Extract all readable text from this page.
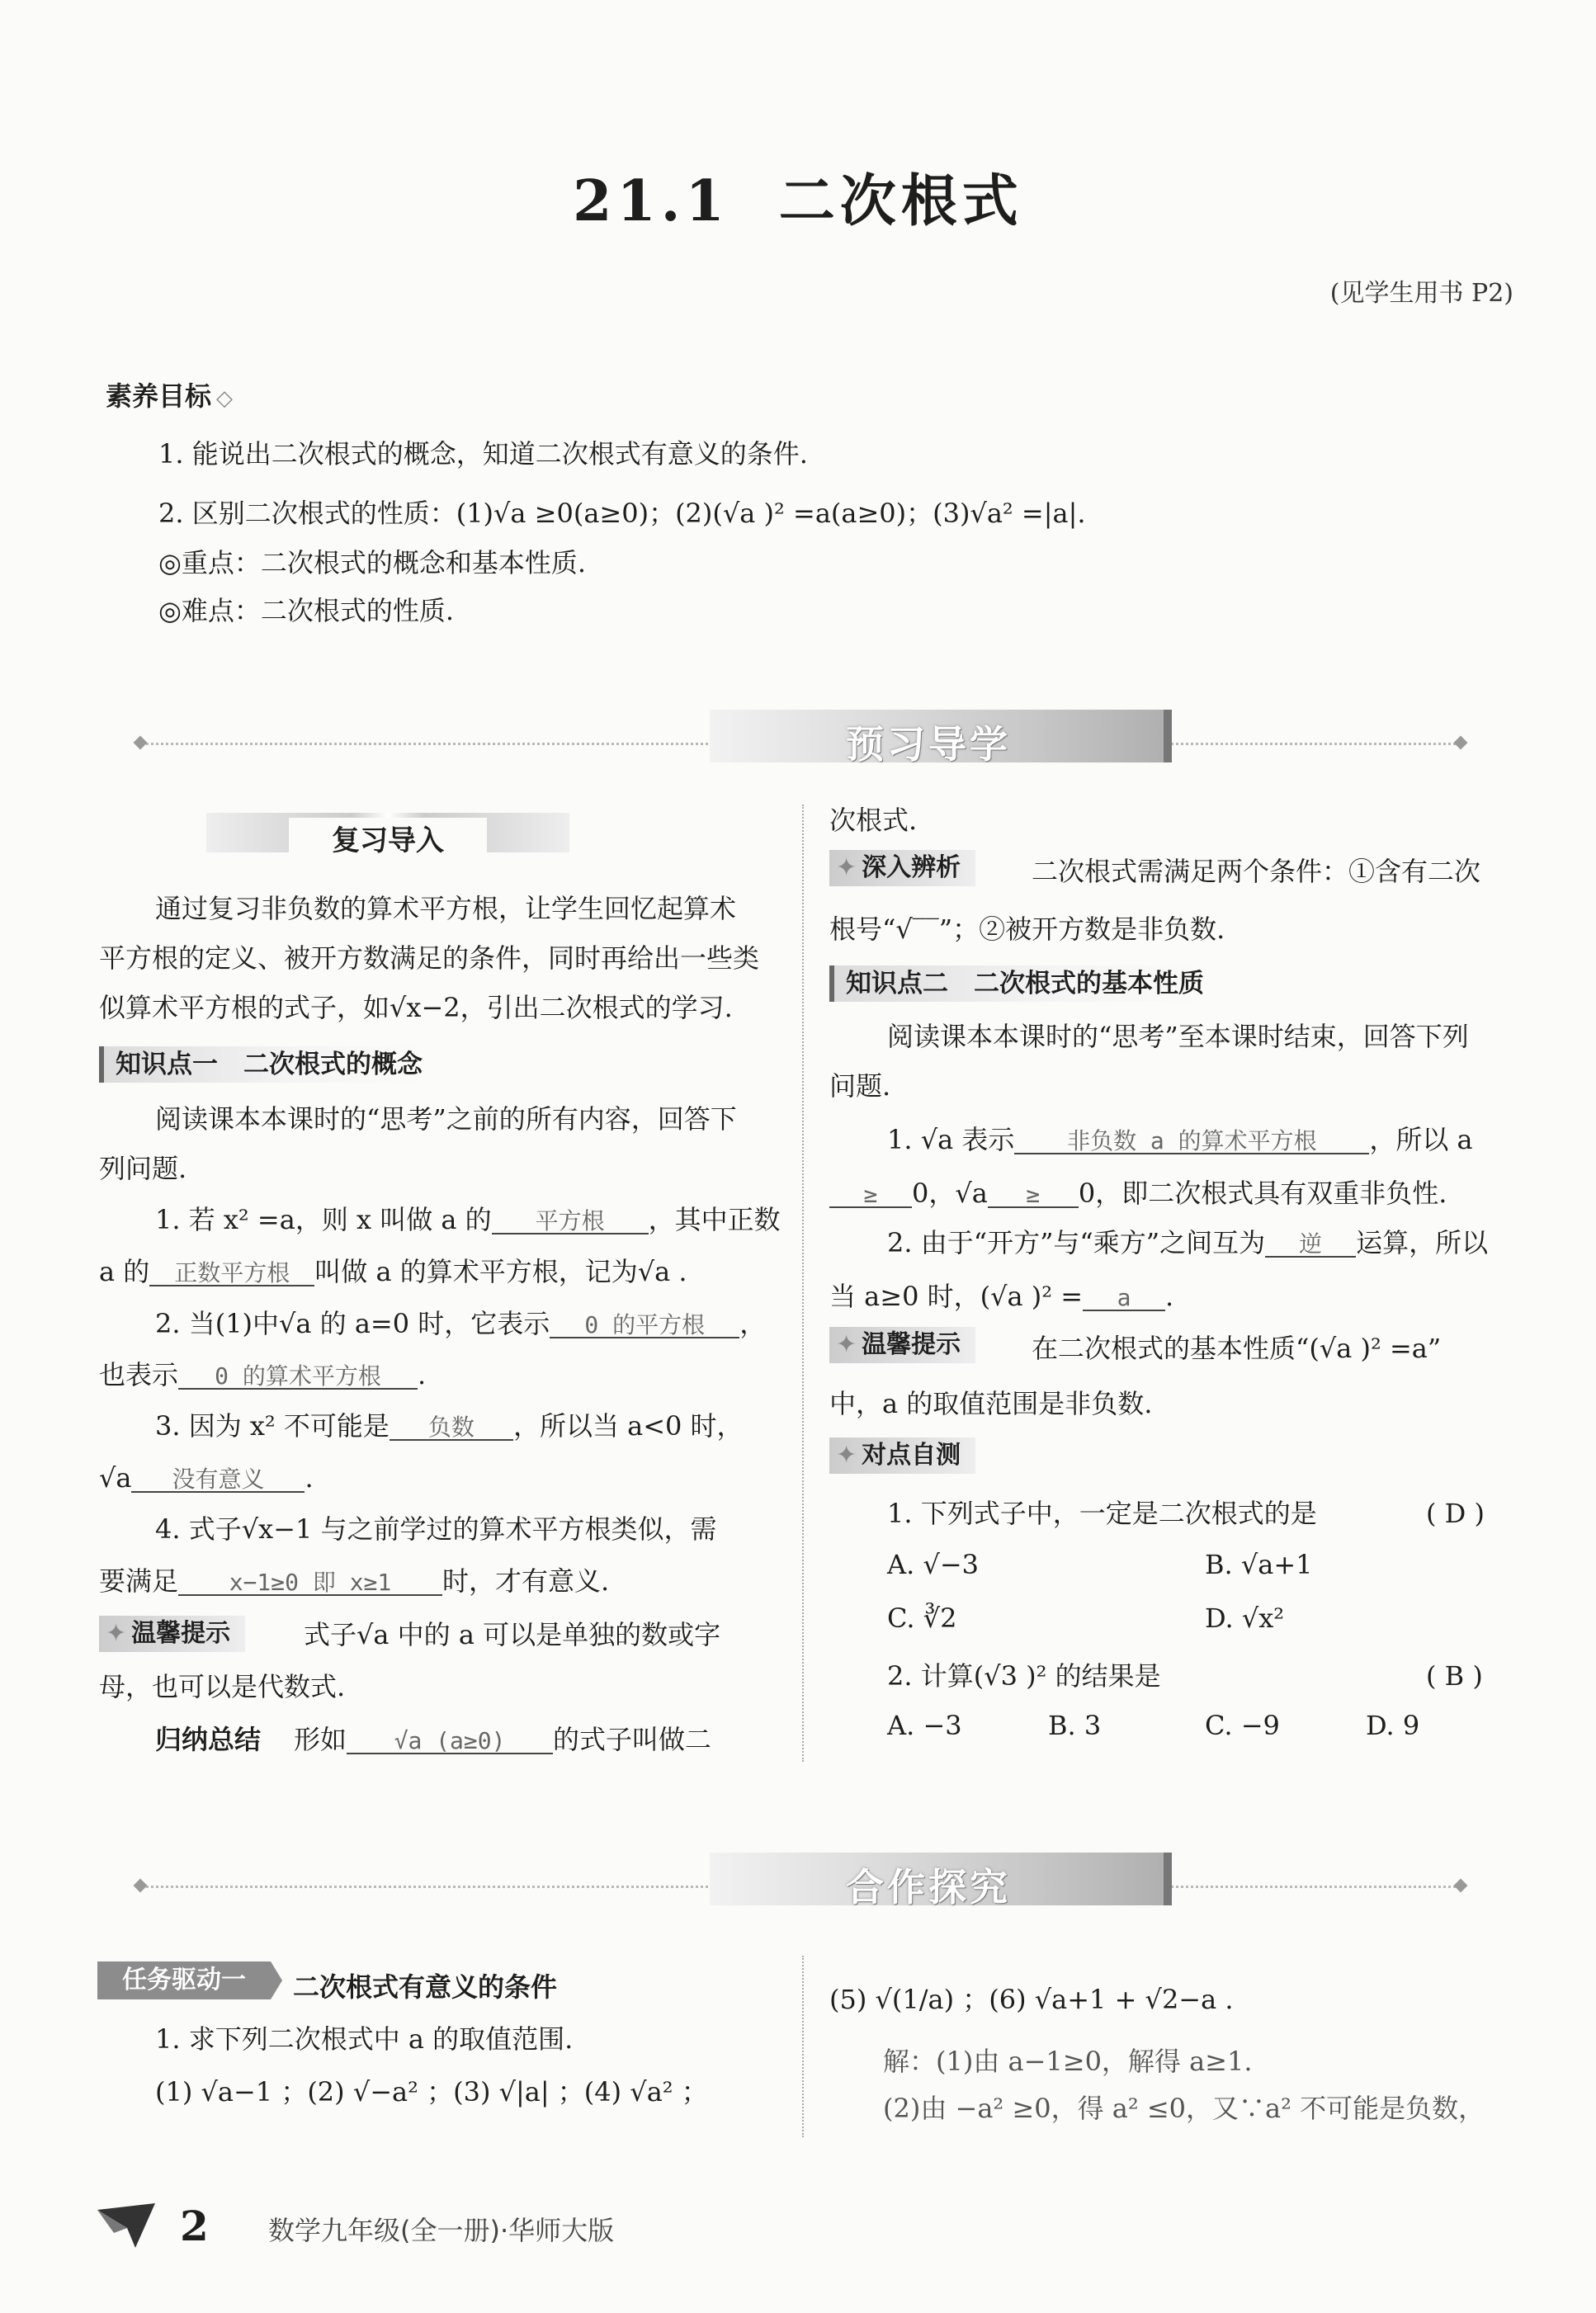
21.1 二次根式
(见学生用书 P2)
素养目标 ◇
1. 能说出二次根式的概念，知道二次根式有意义的条件.
2. 区别二次根式的性质：(1)√a ≥0(a≥0)；(2)(√a )² =a(a≥0)；(3)√a² =|a|.
◎重点：二次根式的概念和基本性质.
◎难点：二次根式的性质.
预习导学
复习导入
通过复习非负数的算术平方根，让学生回忆起算术
平方根的定义、被开方数满足的条件，同时再给出一些类
似算术平方根的式子，如√x−2，引出二次根式的学习.
知识点一　二次根式的概念
阅读课本本课时的“思考”之前的所有内容，回答下
列问题.
1. 若 x² =a，则 x 叫做 a 的 平方根 ，其中正数
a 的 正数平方根 叫做 a 的算术平方根，记为√a .
2. 当(1)中√a 的 a=0 时，它表示 0 的平方根 ，
也表示 0 的算术平方根 .
3. 因为 x² 不可能是 负数 ，所以当 a<0 时，
√a 没有意义 .
4. 式子√x−1 与之前学过的算术平方根类似，需
要满足 x−1≥0 即 x≥1 时，才有意义.
✦ 温馨提示	式子√a 中的 a 可以是单独的数或字
母，也可以是代数式.
归纳总结 形如 √a (a≥0) 的式子叫做二
次根式.
✦ 深入辨析	二次根式需满足两个条件：①含有二次
根号“√‾‾”；②被开方数是非负数.
知识点二　二次根式的基本性质
阅读课本本课时的“思考”至本课时结束，回答下列
问题.
1. √a 表示 非负数 a 的算术平方根 ，所以 a
≥ 0，√a ≥ 0，即二次根式具有双重非负性.
2. 由于“开方”与“乘方”之间互为 逆 运算，所以
当 a≥0 时，(√a )² = a .
✦ 温馨提示	在二次根式的基本性质“(√a )² =a”
中，a 的取值范围是非负数.
✦ 对点自测
1. 下列式子中，一定是二次根式的是	( D )
A. √−3	B. √a+1
C. ∛2	D. √x²
2. 计算(√3 )² 的结果是	( B )
A. −3	B. 3	C. −9	D. 9
合作探究
任务驱动一	二次根式有意义的条件
1. 求下列二次根式中 a 的取值范围.
(1) √a−1 ；(2) √−a² ；(3) √|a| ；(4) √a² ；
(5) √(1/a) ；(6) √a+1 + √2−a .
解：(1)由 a−1≥0，解得 a≥1.
(2)由 −a² ≥0，得 a² ≤0，又∵a² 不可能是负数，
2 数学九年级(全一册)·华师大版
